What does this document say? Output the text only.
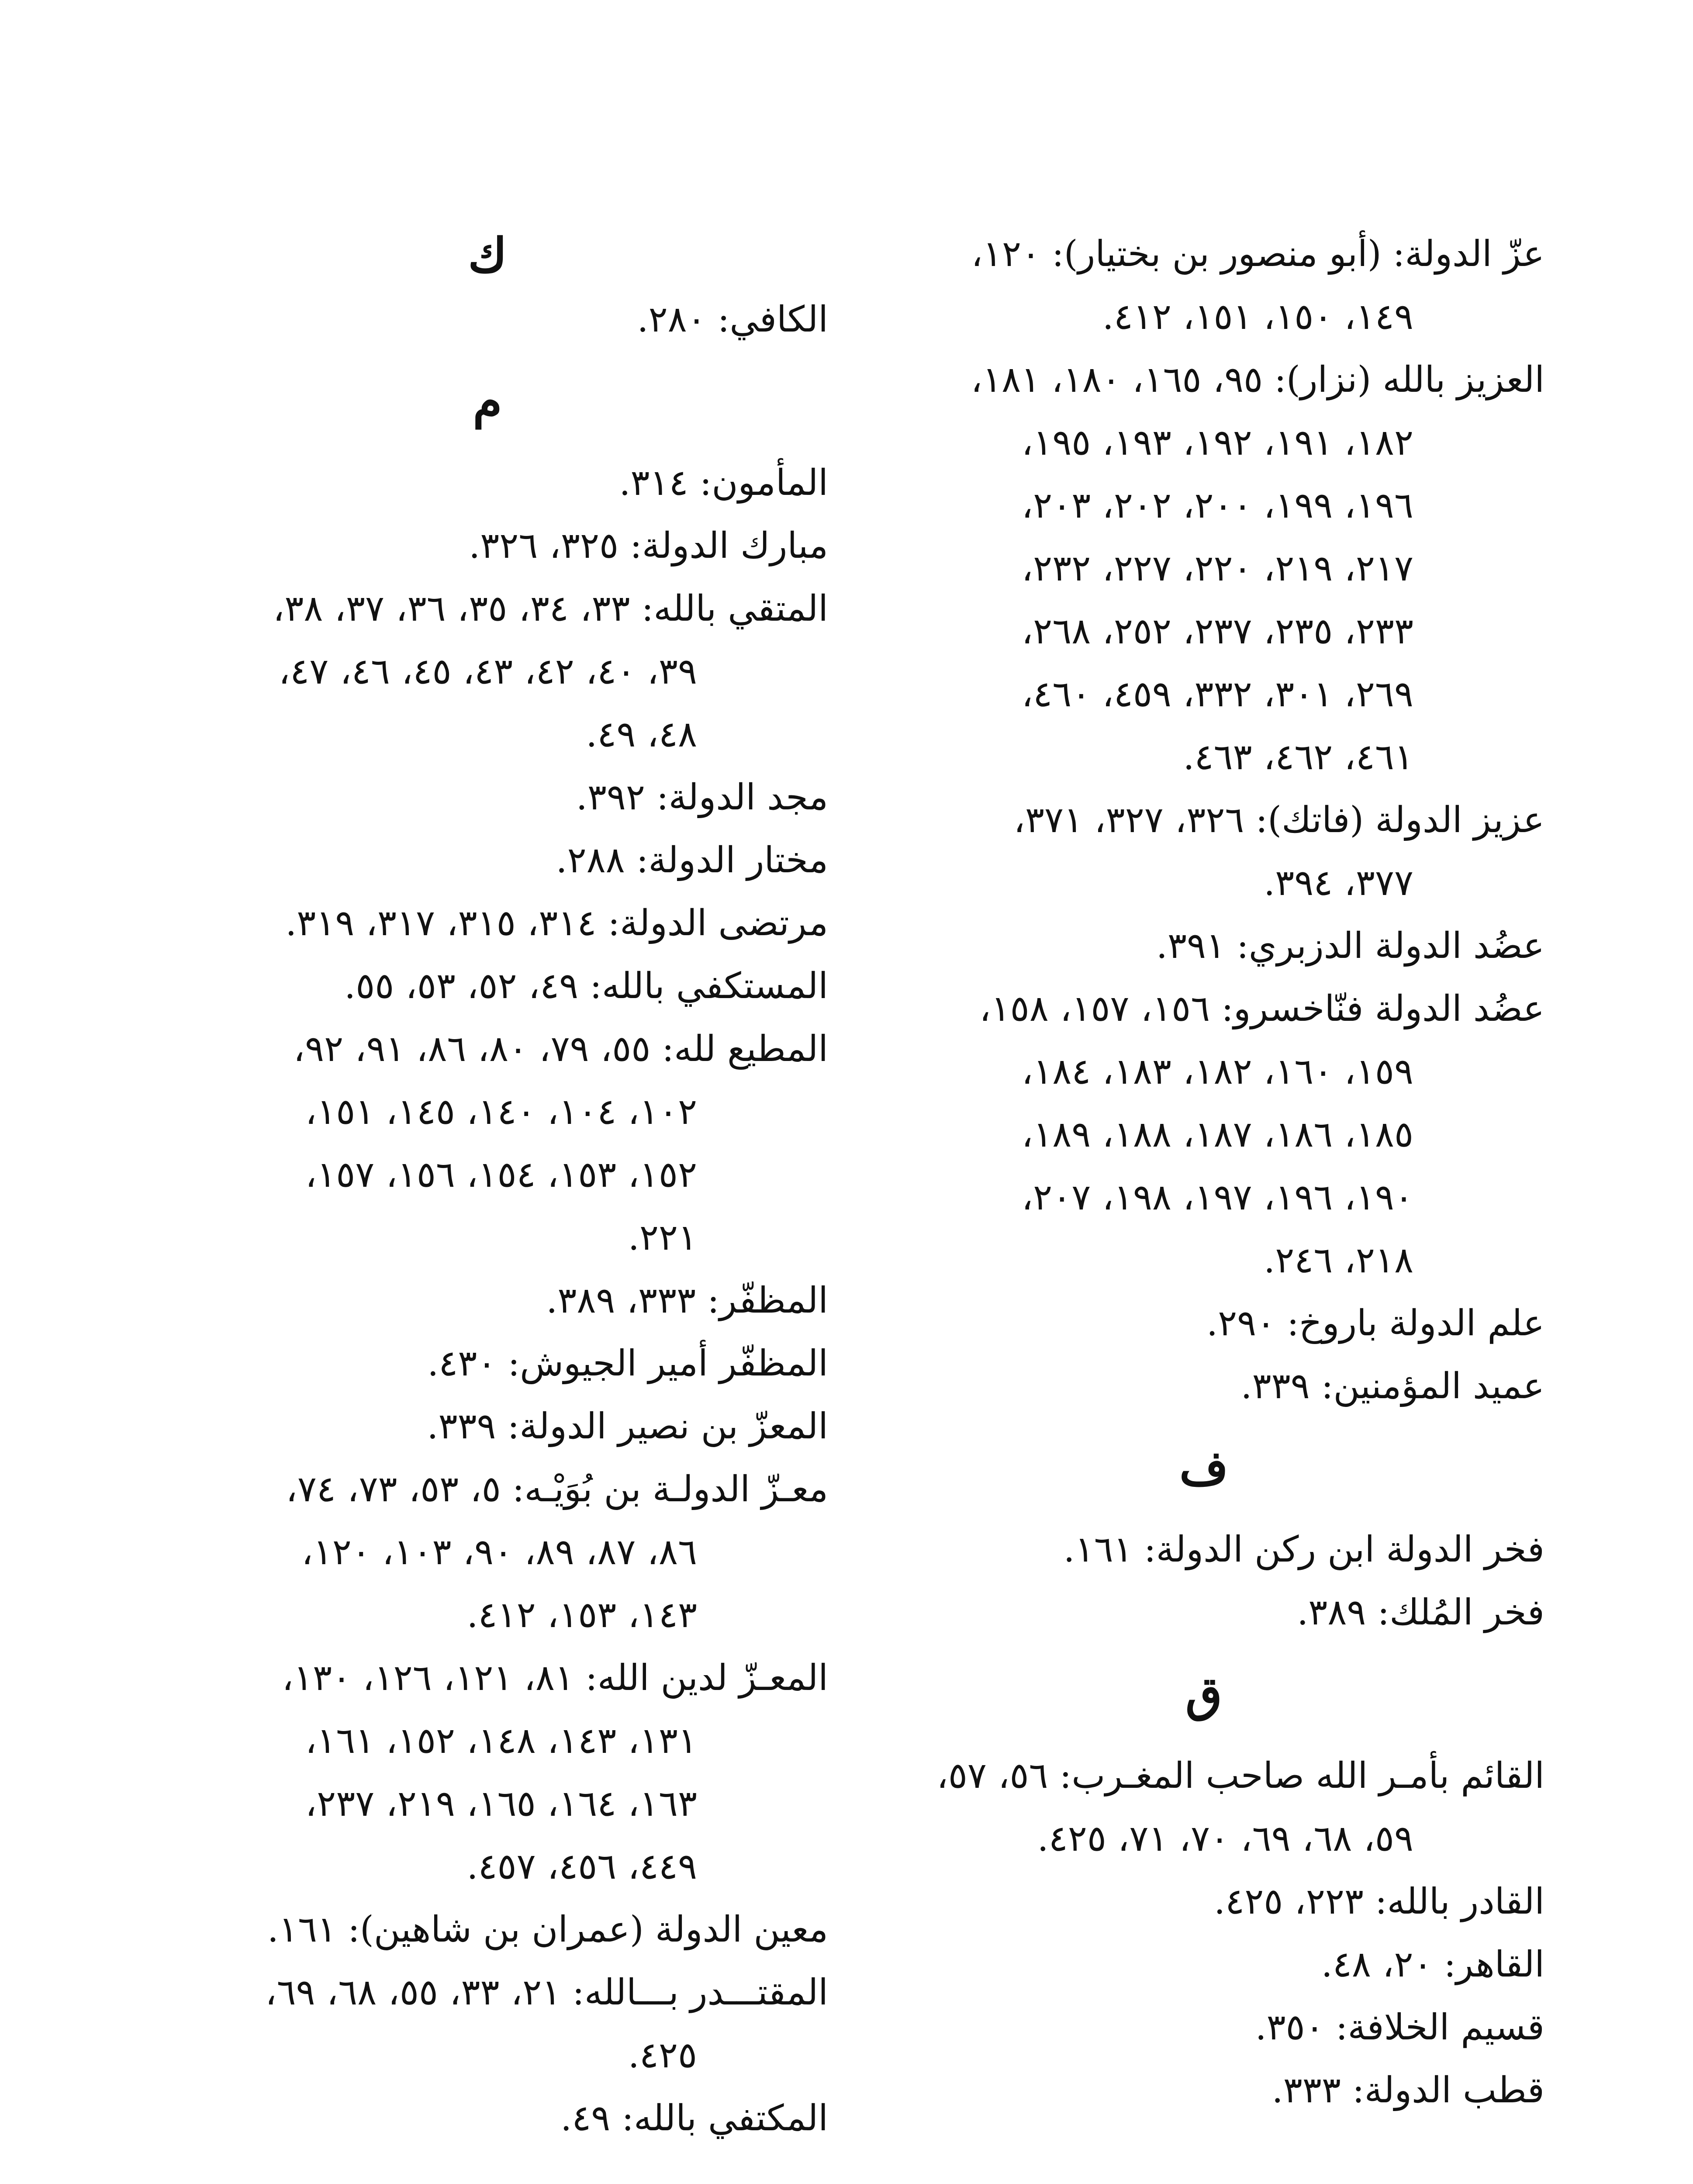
عزّ الدولة: (أبو منصور بن بختيار): ١٢٠،
١٤٩، ١٥٠، ١٥١، ٤١٢.

العزيز بالله (نزار): ٩٥، ١٦٥، ١٨٠، ١٨١،
١٨٢، ١٩١، ١٩٢، ١٩٣، ١٩٥،
١٩٦، ١٩٩، ٢٠٠، ٢٠٢، ٢٠٣،
٢١٧، ٢١٩، ٢٢٠، ٢٢٧، ٢٣٢،
٢٣٣، ٢٣٥، ٢٣٧، ٢٥٢، ٢٦٨،
٢٦٩، ٣٠١، ٣٣٢، ٤٥٩، ٤٦٠،
٤٦١، ٤٦٢، ٤٦٣.

عزيز الدولة (فاتك): ٣٢٦، ٣٢٧، ٣٧١،
٣٧٧، ٣٩٤.

عضُد الدولة الدزبري: ٣٩١.

عضُد الدولة فنّاخسرو: ١٥٦، ١٥٧، ١٥٨،
١٥٩، ١٦٠، ١٨٢، ١٨٣، ١٨٤،
١٨٥، ١٨٦، ١٨٧، ١٨٨، ١٨٩،
١٩٠، ١٩٦، ١٩٧، ١٩٨، ٢٠٧،
٢١٨، ٢٤٦.

علم الدولة باروخ: ٢٩٠.

عميد المؤمنين: ٣٣٩.

ف

فخر الدولة ابن ركن الدولة: ١٦١.

فخر المُلك: ٣٨٩.

ق

القائم بأمـر الله صاحب المغـرب: ٥٦، ٥٧،
٥٩، ٦٨، ٦٩، ٧٠، ٧١، ٤٢٥.

القادر بالله: ٢٢٣، ٤٢٥.

القاهر: ٢٠، ٤٨.

قسيم الخلافة: ٣٥٠.

قطب الدولة: ٣٣٣.

ك

الكافي: ٢٨٠.

م

المأمون: ٣١٤.

مبارك الدولة: ٣٢٥، ٣٢٦.

المتقي بالله: ٣٣، ٣٤، ٣٥، ٣٦، ٣٧، ٣٨،
٣٩، ٤٠، ٤٢، ٤٣، ٤٥، ٤٦، ٤٧،
٤٨، ٤٩.

مجد الدولة: ٣٩٢.

مختار الدولة: ٢٨٨.

مرتضى الدولة: ٣١٤، ٣١٥، ٣١٧، ٣١٩.

المستكفي بالله: ٤٩، ٥٢، ٥٣، ٥٥.

المطيع لله: ٥٥، ٧٩، ٨٠، ٨٦، ٩١، ٩٢،
١٠٢، ١٠٤، ١٤٠، ١٤٥، ١٥١،
١٥٢، ١٥٣، ١٥٤، ١٥٦، ١٥٧،
٢٢١.

المظفّر: ٣٣٣، ٣٨٩.

المظفّر أمير الجيوش: ٤٣٠.

المعزّ بن نصير الدولة: ٣٣٩.

معـزّ الدولـة بن بُوَيْـه: ٥، ٥٣، ٧٣، ٧٤،
٨٦، ٨٧، ٨٩، ٩٠، ١٠٣، ١٢٠،
١٤٣، ١٥٣، ٤١٢.

المعـزّ لدين الله: ٨١، ١٢١، ١٢٦، ١٣٠،
١٣١، ١٤٣، ١٤٨، ١٥٢، ١٦١،
١٦٣، ١٦٤، ١٦٥، ٢١٩، ٢٣٧،
٤٤٩، ٤٥٦، ٤٥٧.

معين الدولة (عمران بن شاهين): ١٦١.

المقتـــدر بـــالله: ٢١، ٣٣، ٥٥، ٦٨، ٦٩،
٤٢٥.

المكتفي بالله: ٤٩.
